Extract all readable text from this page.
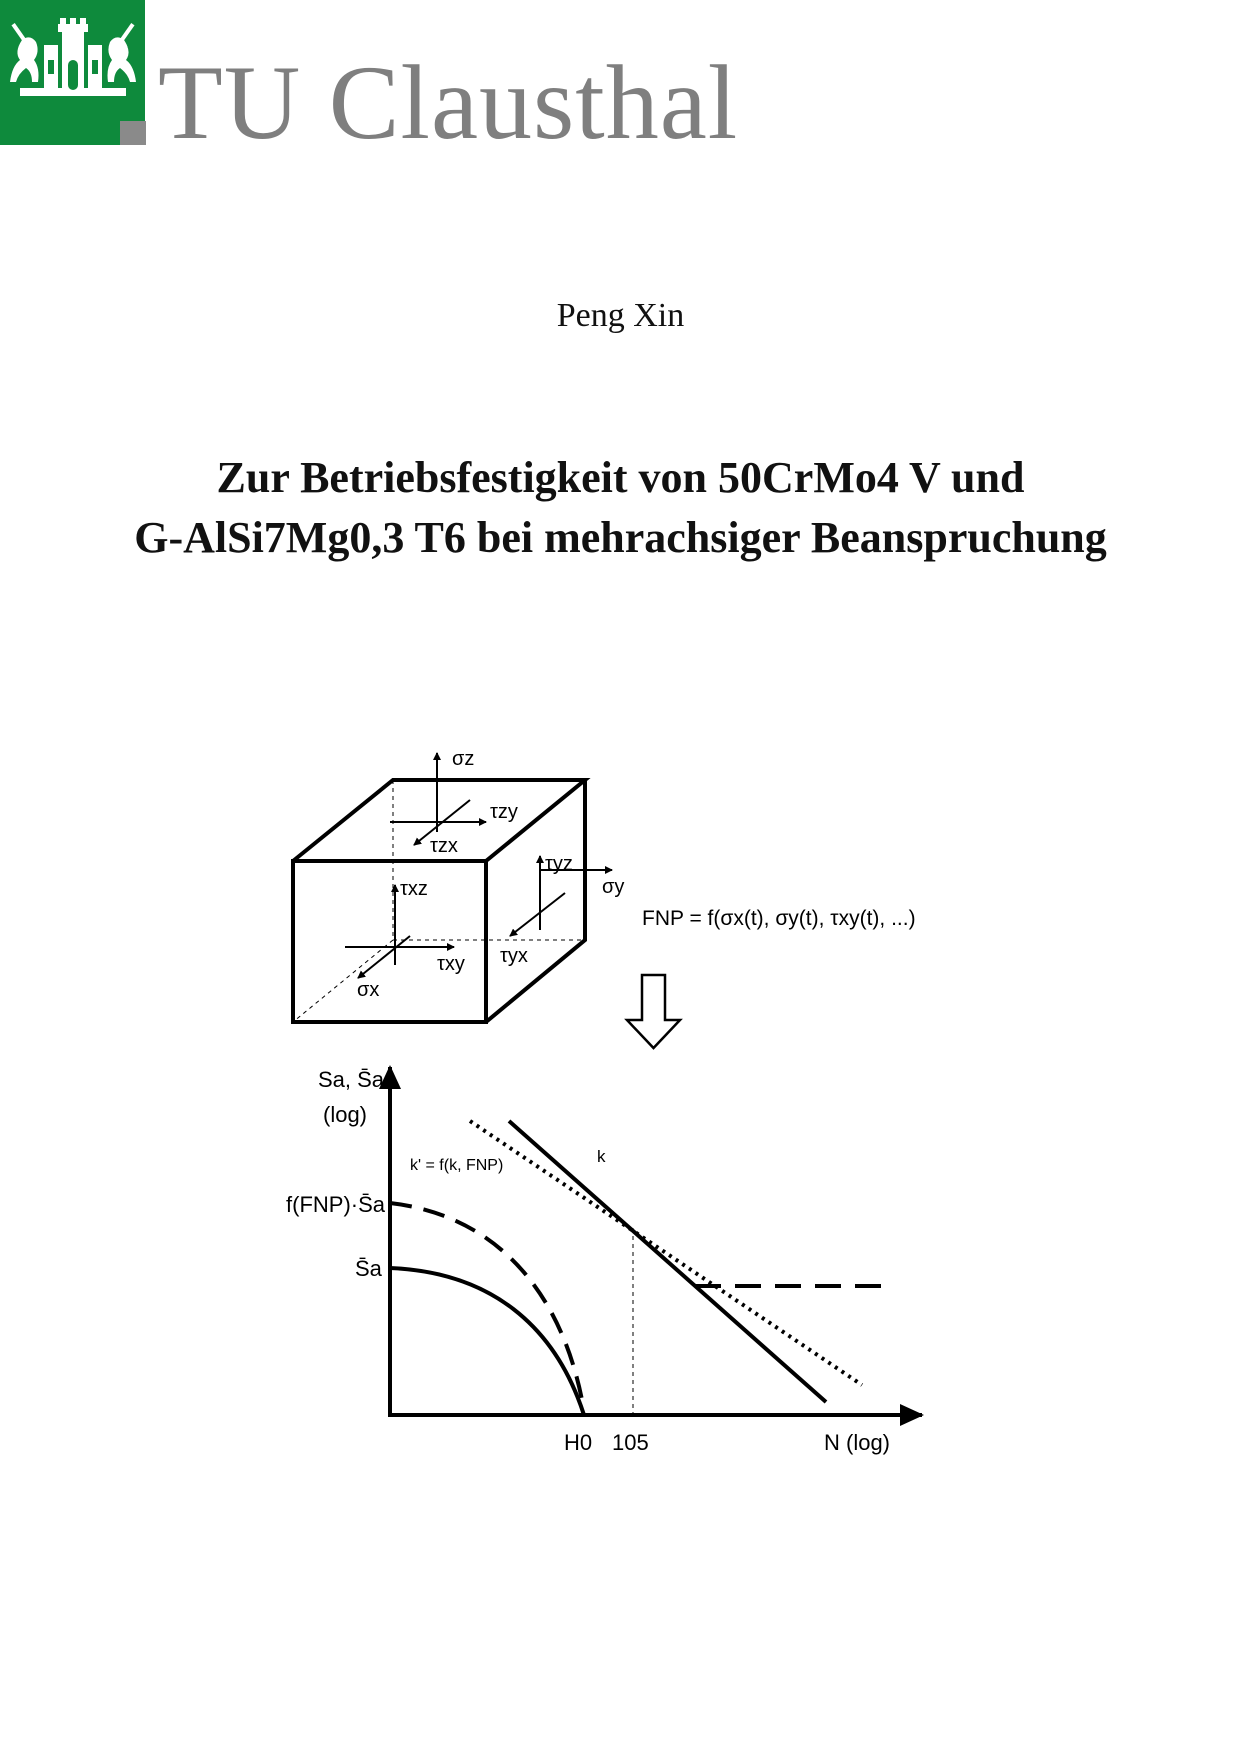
TU Clausthal
Peng Xin
Zur Betriebsfestigkeit von 50CrMo4 V und
G-AlSi7Mg0,3 T6 bei mehrachsiger Beanspruchung
σz
τzy
τzx
τyz
σy
τxz
τyx
τxy
σx
FNP = f(σx(t), σy(t), τxy(t), ...)
Sa, S̄a
(log)
f(FNP)·S̄a
S̄a
k
k' = f(k, FNP)
H0 105	N (log)
